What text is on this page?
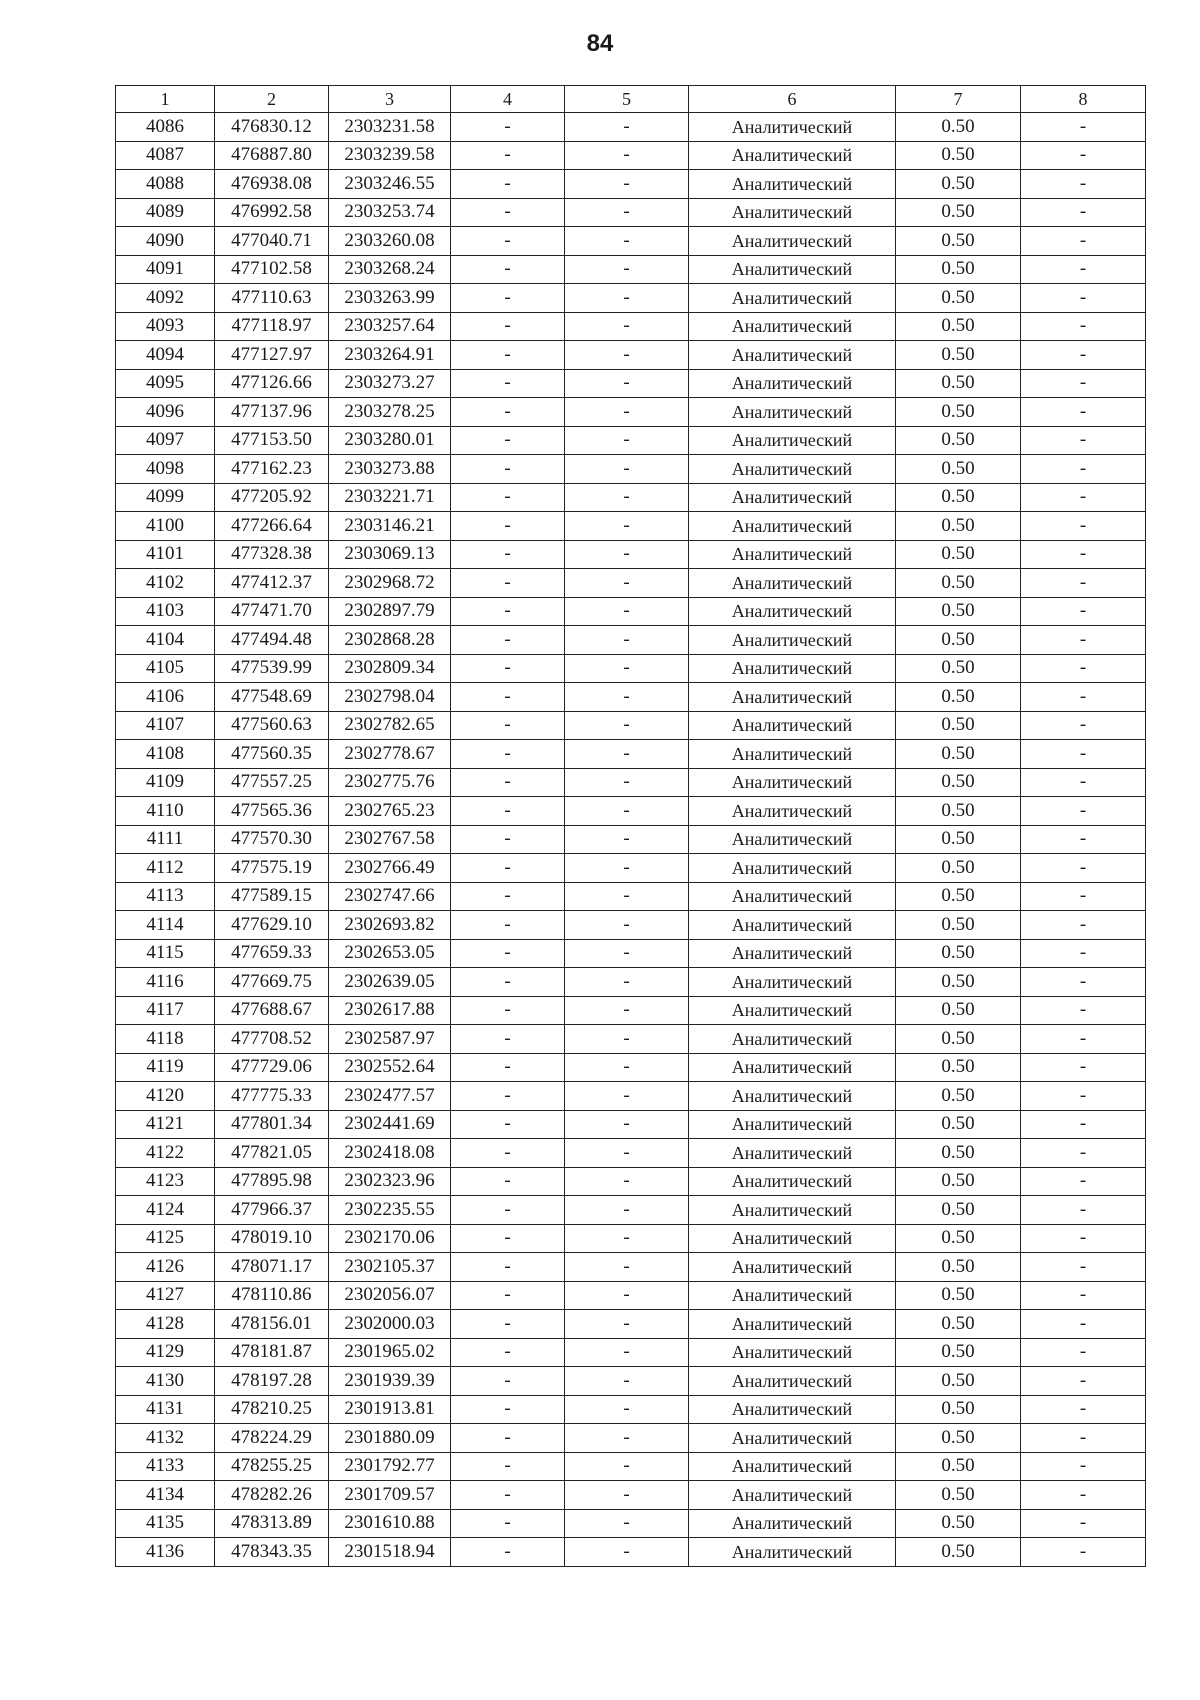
84
1	2	3	4	5	6	7	8
4086	476830.12	2303231.58	-	-	Аналитический	0.50	-
4087	476887.80	2303239.58	-	-	Аналитический	0.50	-
4088	476938.08	2303246.55	-	-	Аналитический	0.50	-
4089	476992.58	2303253.74	-	-	Аналитический	0.50	-
4090	477040.71	2303260.08	-	-	Аналитический	0.50	-
4091	477102.58	2303268.24	-	-	Аналитический	0.50	-
4092	477110.63	2303263.99	-	-	Аналитический	0.50	-
4093	477118.97	2303257.64	-	-	Аналитический	0.50	-
4094	477127.97	2303264.91	-	-	Аналитический	0.50	-
4095	477126.66	2303273.27	-	-	Аналитический	0.50	-
4096	477137.96	2303278.25	-	-	Аналитический	0.50	-
4097	477153.50	2303280.01	-	-	Аналитический	0.50	-
4098	477162.23	2303273.88	-	-	Аналитический	0.50	-
4099	477205.92	2303221.71	-	-	Аналитический	0.50	-
4100	477266.64	2303146.21	-	-	Аналитический	0.50	-
4101	477328.38	2303069.13	-	-	Аналитический	0.50	-
4102	477412.37	2302968.72	-	-	Аналитический	0.50	-
4103	477471.70	2302897.79	-	-	Аналитический	0.50	-
4104	477494.48	2302868.28	-	-	Аналитический	0.50	-
4105	477539.99	2302809.34	-	-	Аналитический	0.50	-
4106	477548.69	2302798.04	-	-	Аналитический	0.50	-
4107	477560.63	2302782.65	-	-	Аналитический	0.50	-
4108	477560.35	2302778.67	-	-	Аналитический	0.50	-
4109	477557.25	2302775.76	-	-	Аналитический	0.50	-
4110	477565.36	2302765.23	-	-	Аналитический	0.50	-
4111	477570.30	2302767.58	-	-	Аналитический	0.50	-
4112	477575.19	2302766.49	-	-	Аналитический	0.50	-
4113	477589.15	2302747.66	-	-	Аналитический	0.50	-
4114	477629.10	2302693.82	-	-	Аналитический	0.50	-
4115	477659.33	2302653.05	-	-	Аналитический	0.50	-
4116	477669.75	2302639.05	-	-	Аналитический	0.50	-
4117	477688.67	2302617.88	-	-	Аналитический	0.50	-
4118	477708.52	2302587.97	-	-	Аналитический	0.50	-
4119	477729.06	2302552.64	-	-	Аналитический	0.50	-
4120	477775.33	2302477.57	-	-	Аналитический	0.50	-
4121	477801.34	2302441.69	-	-	Аналитический	0.50	-
4122	477821.05	2302418.08	-	-	Аналитический	0.50	-
4123	477895.98	2302323.96	-	-	Аналитический	0.50	-
4124	477966.37	2302235.55	-	-	Аналитический	0.50	-
4125	478019.10	2302170.06	-	-	Аналитический	0.50	-
4126	478071.17	2302105.37	-	-	Аналитический	0.50	-
4127	478110.86	2302056.07	-	-	Аналитический	0.50	-
4128	478156.01	2302000.03	-	-	Аналитический	0.50	-
4129	478181.87	2301965.02	-	-	Аналитический	0.50	-
4130	478197.28	2301939.39	-	-	Аналитический	0.50	-
4131	478210.25	2301913.81	-	-	Аналитический	0.50	-
4132	478224.29	2301880.09	-	-	Аналитический	0.50	-
4133	478255.25	2301792.77	-	-	Аналитический	0.50	-
4134	478282.26	2301709.57	-	-	Аналитический	0.50	-
4135	478313.89	2301610.88	-	-	Аналитический	0.50	-
4136	478343.35	2301518.94	-	-	Аналитический	0.50	-
